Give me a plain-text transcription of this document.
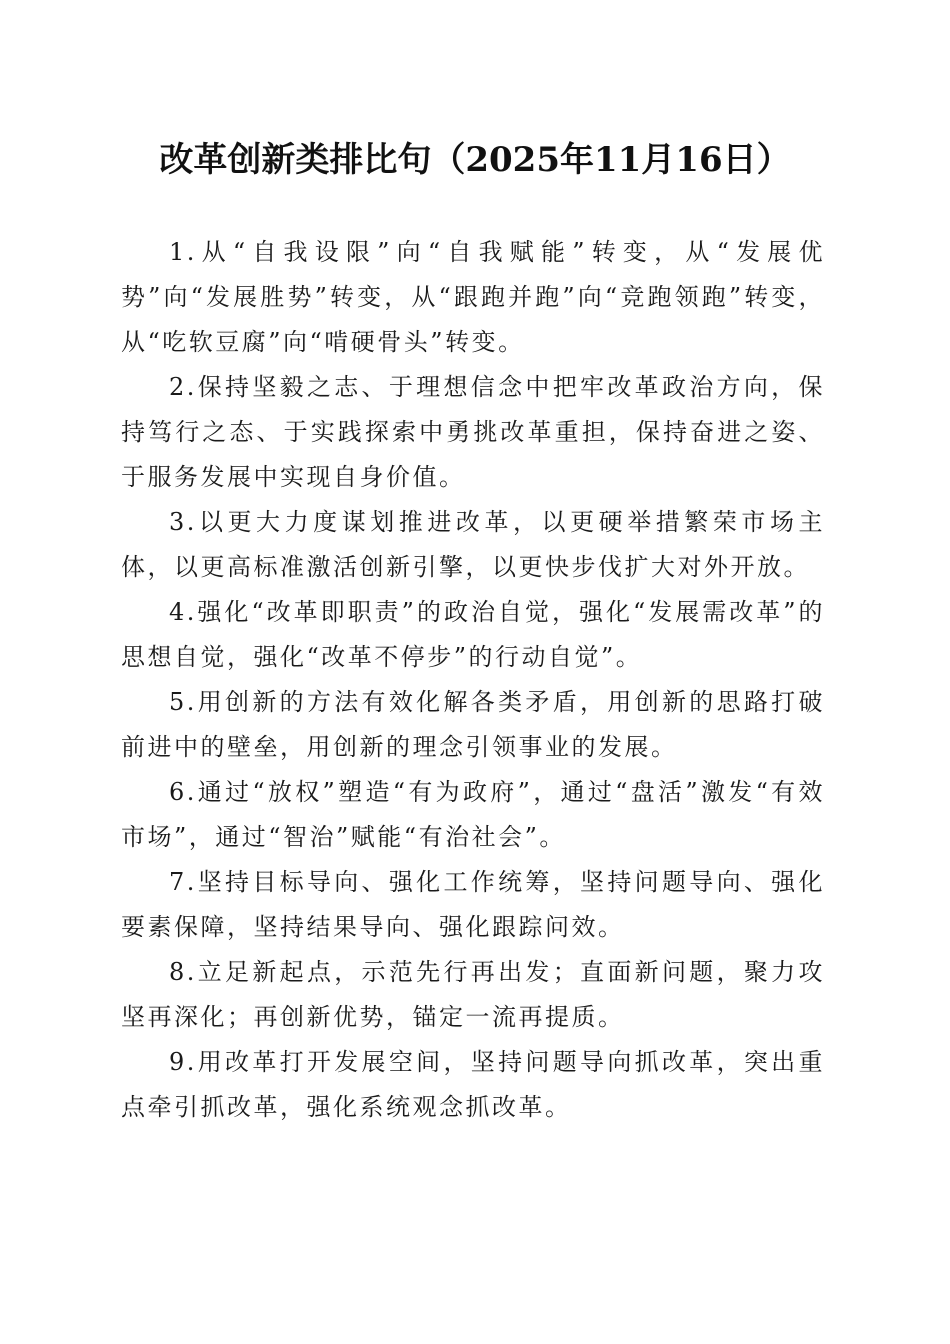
改革创新类排比句（2025年11月16日）

1.从“自我设限”向“自我赋能”转变，从“发展优势”向“发展胜势”转变，从“跟跑并跑”向“竞跑领跑”转变，从“吃软豆腐”向“啃硬骨头”转变。

2.保持坚毅之志、于理想信念中把牢改革政治方向，保持笃行之态、于实践探索中勇挑改革重担，保持奋进之姿、于服务发展中实现自身价值。

3.以更大力度谋划推进改革，以更硬举措繁荣市场主体，以更高标准激活创新引擎，以更快步伐扩大对外开放。

4.强化“改革即职责”的政治自觉，强化“发展需改革”的思想自觉，强化“改革不停步”的行动自觉”。

5.用创新的方法有效化解各类矛盾，用创新的思路打破前进中的壁垒，用创新的理念引领事业的发展。

6.通过“放权”塑造“有为政府”，通过“盘活”激发“有效市场”，通过“智治”赋能“有治社会”。

7.坚持目标导向、强化工作统筹，坚持问题导向、强化要素保障，坚持结果导向、强化跟踪问效。

8.立足新起点，示范先行再出发；直面新问题，聚力攻坚再深化；再创新优势，锚定一流再提质。

9.用改革打开发展空间，坚持问题导向抓改革，突出重点牵引抓改革，强化系统观念抓改革。
